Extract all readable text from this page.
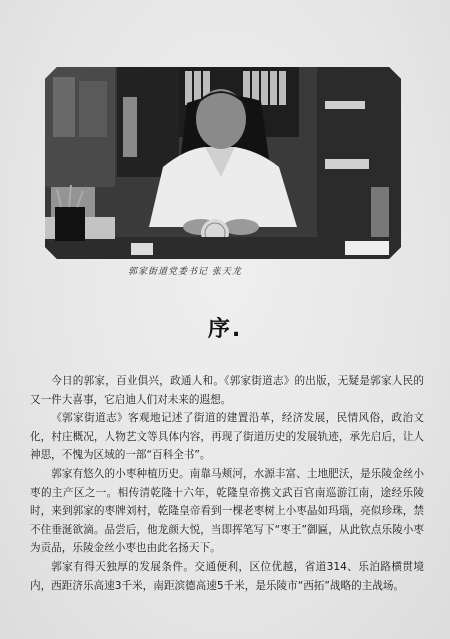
郭家街道党委书记 张天龙
序.

今日的郭家，百业俱兴，政通人和。《郭家街道志》的出版，无疑是郭家人民的又一件大喜事，它启迪人们对未来的遐想。

《郭家街道志》客观地记述了街道的建置沿革，经济发展，民情风俗，政治文化，村庄概况，人物艺文等具体内容，再现了街道历史的发展轨迹，承先启后，让人神思，不愧为区域的一部“百科全书”。

郭家有悠久的小枣种植历史。南靠马颊河，水源丰富、土地肥沃，是乐陵金丝小枣的主产区之一。相传清乾隆十六年，乾隆皇帝携文武百官南巡游江南，途经乐陵时，来到郭家的枣牌刘村，乾隆皇帝看到一棵老枣树上小枣晶如玛瑙，亮似珍珠，禁不住垂涎欲滴。品尝后，他龙颜大悦，当即挥笔写下“枣王”御匾，从此钦点乐陵小枣为贡品，乐陵金丝小枣也由此名扬天下。

郭家有得天独厚的发展条件。交通便利，区位优越，省道314、乐泊路横贯境内，西距济乐高速3千米，南距滨德高速5千米，是乐陵市“西拓”战略的主战场。
